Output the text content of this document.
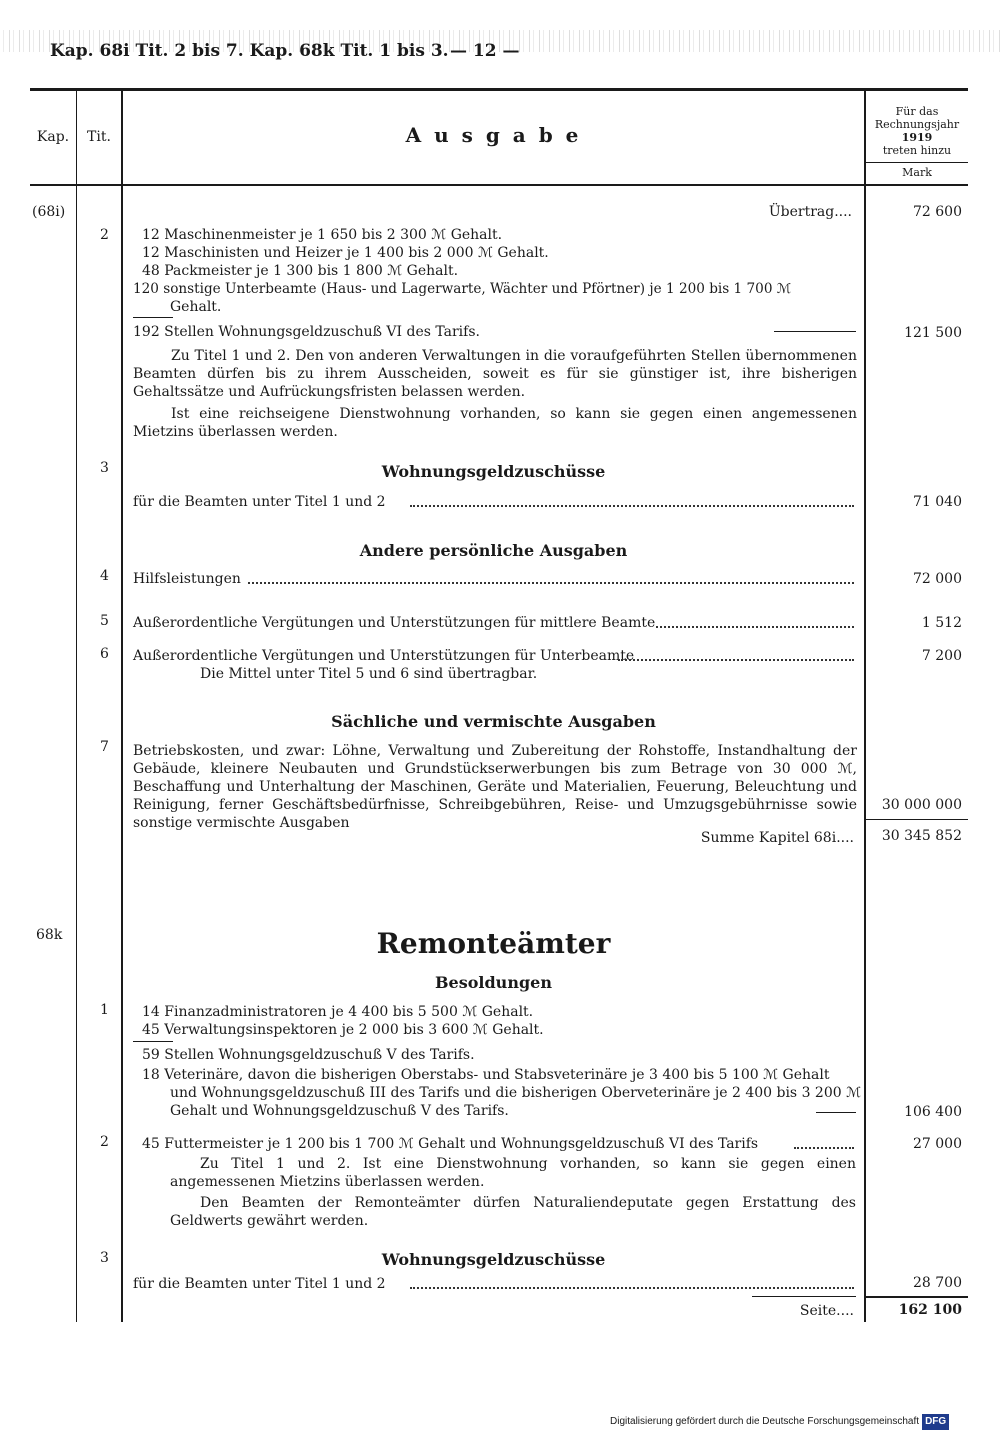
Kap. 68i Tit. 2 bis 7. Kap. 68k Tit. 1 bis 3. — 12 —
Kap.	Tit.	A u s g a b e
Für das
Rechnungsjahr
1919
treten hinzu
Mark
(68i)	Übertrag....	72 600
2 12 Maschinenmeister je 1 650 bis 2 300 ℳ Gehalt.
12 Maschinisten und Heizer je 1 400 bis 2 000 ℳ Gehalt.
48 Packmeister je 1 300 bis 1 800 ℳ Gehalt.
120 sonstige Unterbeamte (Haus- und Lagerwarte, Wächter und Pförtner) je 1 200 bis 1 700 ℳ
Gehalt.
192 Stellen Wohnungsgeldzuschuß VI des Tarifs.	121 500
Zu Titel 1 und 2. Den von anderen Verwaltungen in die voraufgeführten Stellen übernommenen Beamten dürfen bis zu ihrem Ausscheiden, soweit es für sie günstiger ist, ihre bisherigen Gehaltssätze und Aufrückungsfristen belassen werden.
Ist eine reichseigene Dienstwohnung vorhanden, so kann sie gegen einen angemessenen Mietzins überlassen werden.
3	Wohnungsgeldzuschüsse
für die Beamten unter Titel 1 und 2	71 040
Andere persönliche Ausgaben
4 Hilfsleistungen	72 000
5 Außerordentliche Vergütungen und Unterstützungen für mittlere Beamte	1 512
6 Außerordentliche Vergütungen und Unterstützungen für Unterbeamte	7 200
Die Mittel unter Titel 5 und 6 sind übertragbar.
Sächliche und vermischte Ausgaben
7 Betriebskosten, und zwar: Löhne, Verwaltung und Zubereitung der Rohstoffe, Instandhaltung der Gebäude, kleinere Neubauten und Grundstückserwerbungen bis zum Betrage von 30 000 ℳ, Beschaffung und Unterhaltung der Maschinen, Geräte und Materialien, Feuerung, Beleuchtung und Reinigung, ferner Geschäftsbedürfnisse, Schreibgebühren, Reise- und Umzugsgebührnisse sowie sonstige vermischte Ausgaben
30 000 000
Summe Kapitel 68i....	30 345 852
68k	Remonteämter
Besoldungen
1 14 Finanzadministratoren je 4 400 bis 5 500 ℳ Gehalt.
45 Verwaltungsinspektoren je 2 000 bis 3 600 ℳ Gehalt.
59 Stellen Wohnungsgeldzuschuß V des Tarifs.
18 Veterinäre, davon die bisherigen Oberstabs- und Stabsveterinäre je 3 400 bis 5 100 ℳ Gehalt
und Wohnungsgeldzuschuß III des Tarifs und die bisherigen Oberveterinäre je 2 400 bis 3 200 ℳ
Gehalt und Wohnungsgeldzuschuß V des Tarifs.	106 400
2 45 Futtermeister je 1 200 bis 1 700 ℳ Gehalt und Wohnungsgeldzuschuß VI des Tarifs	27 000
Zu Titel 1 und 2. Ist eine Dienstwohnung vorhanden, so kann sie gegen einen angemessenen Mietzins überlassen werden.
Den Beamten der Remonteämter dürfen Naturaliendeputate gegen Erstattung des Geldwerts gewährt werden.
3	Wohnungsgeldzuschüsse
für die Beamten unter Titel 1 und 2	28 700
Seite....	162 100
Digitalisierung gefördert durch die Deutsche Forschungsgemeinschaft DFG
